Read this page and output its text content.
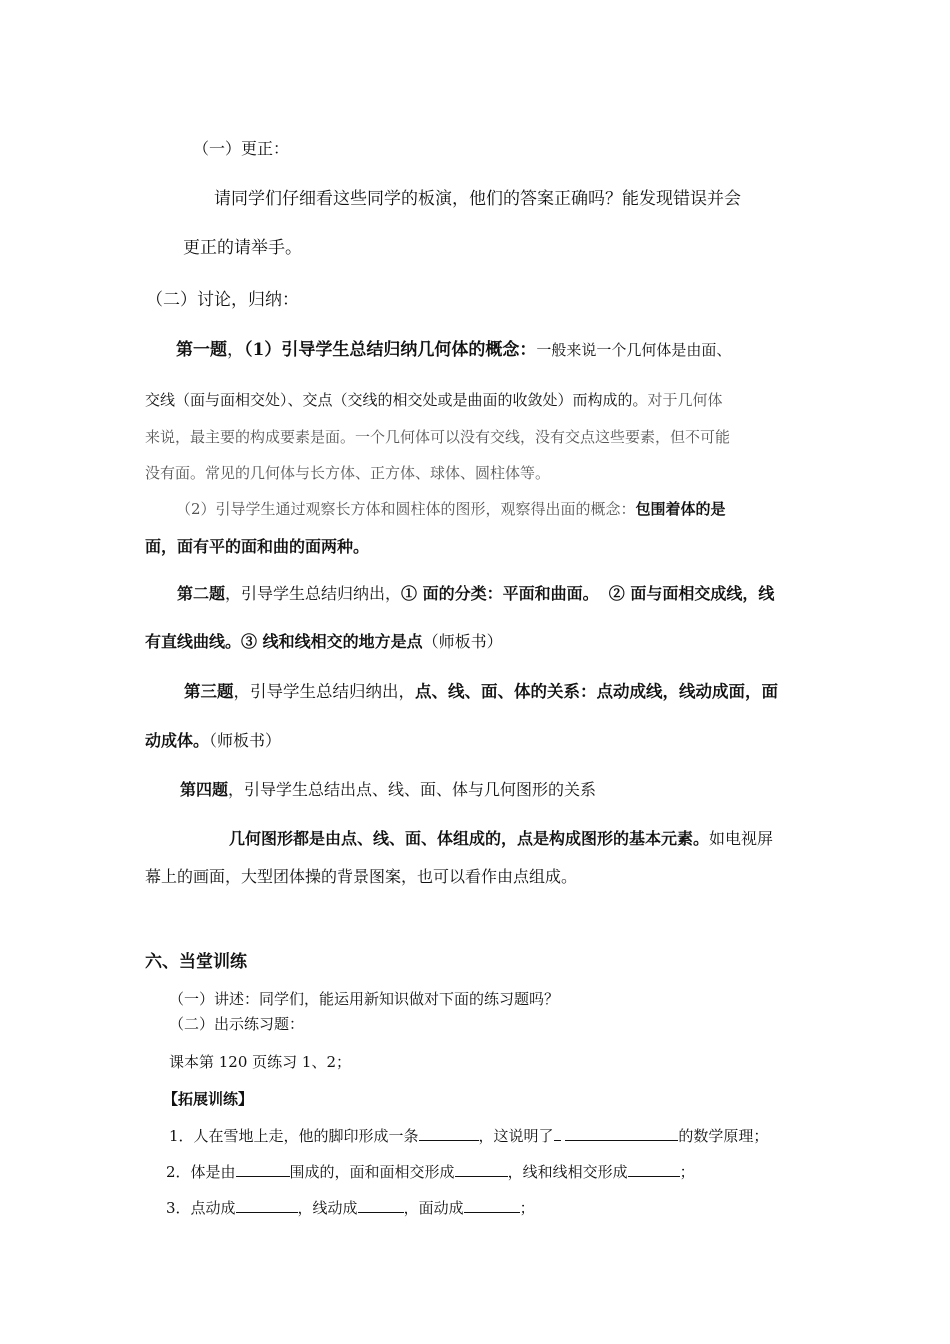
（一）更正：
请同学们仔细看这些同学的板演，他们的答案正确吗？能发现错误并会
更正的请举手。
（二）讨论，归纳：
第一题，（1）引导学生总结归纳几何体的概念：一般来说一个几何体是由面、
交线（面与面相交处）、交点（交线的相交处或是曲面的收敛处）而构成的。对于几何体
来说，最主要的构成要素是面。一个几何体可以没有交线，没有交点这些要素，但不可能
没有面。常见的几何体与长方体、正方体、球体、圆柱体等。
（2）引导学生通过观察长方体和圆柱体的图形，观察得出面的概念：包围着体的是
面，面有平的面和曲的面两种。
第二题，引导学生总结归纳出，① 面的分类：平面和曲面。 ② 面与面相交成线，线
有直线曲线。③ 线和线相交的地方是点（师板书）
第三题，引导学生总结归纳出，点、线、面、体的关系：点动成线，线动成面，面
动成体。（师板书）
第四题，引导学生总结出点、线、面、体与几何图形的关系
几何图形都是由点、线、面、体组成的，点是构成图形的基本元素。如电视屏
幕上的画面，大型团体操的背景图案，也可以看作由点组成。
六、当堂训练
（一）讲述：同学们，能运用新知识做对下面的练习题吗？
（二）出示练习题：
课本第 120 页练习 1、2；
【拓展训练】
1．人在雪地上走，他的脚印形成一条	，这说明了	的数学原理；
2．体是由	围成的，面和面相交形成	，线和线相交形成	；
3．点动成	，线动成	，面动成	；
